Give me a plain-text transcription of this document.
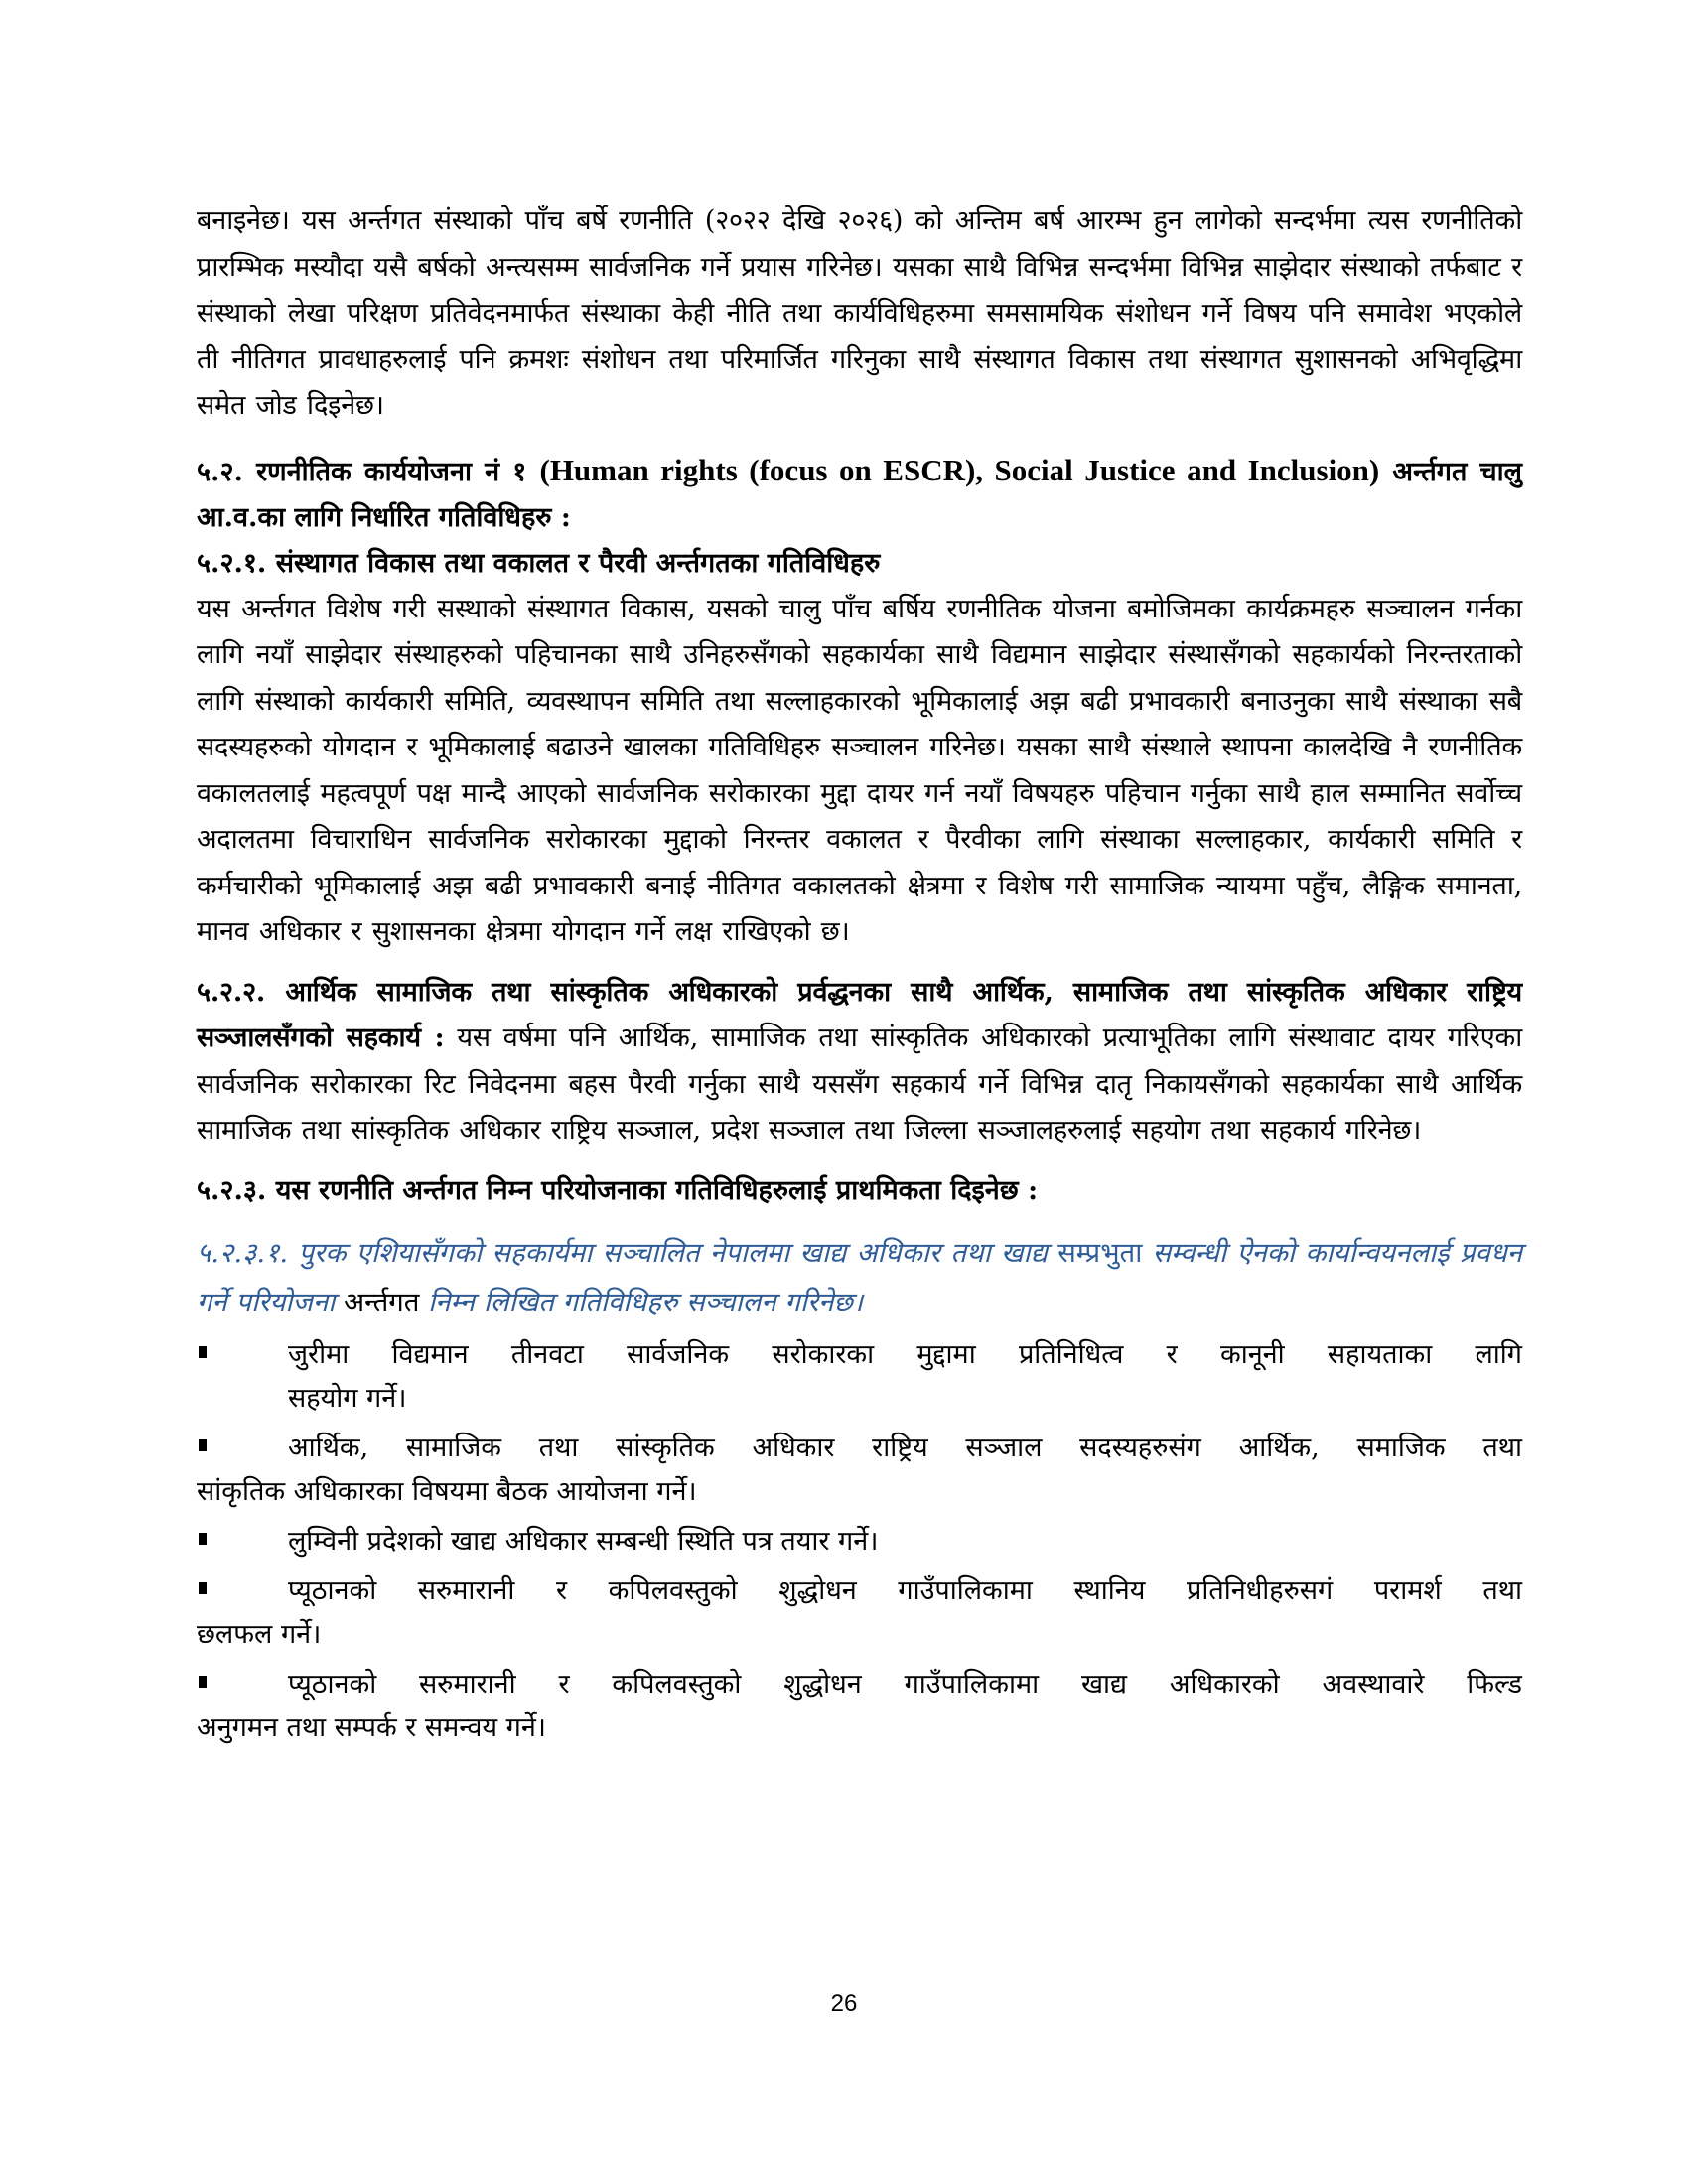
बनाइनेछ। यस अर्न्तगत संस्थाको पाँच बर्षे रणनीति (२०२२ देखि २०२६) को अन्तिम बर्ष आरम्भ हुन लागेको सन्दर्भमा त्यस रणनीतिको प्रारम्भिक मस्यौदा यसै बर्षको अन्त्यसम्म सार्वजनिक गर्ने प्रयास गरिनेछ। यसका साथै विभिन्न सन्दर्भमा विभिन्न साझेदार संस्थाको तर्फबाट र संस्थाको लेखा परिक्षण प्रतिवेदनमार्फत संस्थाका केही नीति तथा कार्यविधिहरुमा समसामयिक संशोधन गर्ने विषय पनि समावेश भएकोले ती नीतिगत प्रावधाहरुलाई पनि क्रमशः संशोधन तथा परिमार्जित गरिनुका साथै संस्थागत विकास तथा संस्थागत सुशासनको अभिवृद्धिमा समेत जोड दिइनेछ।

५.२. रणनीतिक कार्ययोजना नं १ (Human rights (focus on ESCR), Social Justice and Inclusion) अर्न्तगत चालु आ.व.का लागि निर्धारित गतिविधिहरु :

५.२.१. संस्थागत विकास तथा वकालत र पैरवी अर्न्तगतका गतिविधिहरु

यस अर्न्तगत विशेष गरी सस्थाको संस्थागत विकास, यसको चालु पाँच बर्षिय रणनीतिक योजना बमोजिमका कार्यक्रमहरु सञ्चालन गर्नका लागि नयाँ साझेदार संस्थाहरुको पहिचानका साथै उनिहरुसँगको सहकार्यका साथै विद्यमान साझेदार संस्थासँगको सहकार्यको निरन्तरताको लागि संस्थाको कार्यकारी समिति, व्यवस्थापन समिति तथा सल्लाहकारको भूमिकालाई अझ बढी प्रभावकारी बनाउनुका साथै संस्थाका सबै सदस्यहरुको योगदान र भूमिकालाई बढाउने खालका गतिविधिहरु सञ्चालन गरिनेछ। यसका साथै संस्थाले स्थापना कालदेखि नै रणनीतिक वकालतलाई महत्वपूर्ण पक्ष मान्दै आएको सार्वजनिक सरोकारका मुद्दा दायर गर्न नयाँ विषयहरु पहिचान गर्नुका साथै हाल सम्मानित सर्वोच्च अदालतमा विचाराधिन सार्वजनिक सरोकारका मुद्दाको निरन्तर वकालत र पैरवीका लागि संस्थाका सल्लाहकार, कार्यकारी समिति र कर्मचारीको भूमिकालाई अझ बढी प्रभावकारी बनाई नीतिगत वकालतको क्षेत्रमा र विशेष गरी सामाजिक न्यायमा पहुँच, लैङ्गिक समानता, मानव अधिकार र सुशासनका क्षेत्रमा योगदान गर्ने लक्ष राखिएको छ।

५.२.२. आर्थिक सामाजिक तथा सांस्कृतिक अधिकारको प्रर्वद्धनका साथै आर्थिक, सामाजिक तथा सांस्कृतिक अधिकार राष्ट्रिय सञ्जालसँगको सहकार्य : यस वर्षमा पनि आर्थिक, सामाजिक तथा सांस्कृतिक अधिकारको प्रत्याभूतिका लागि संस्थावाट दायर गरिएका सार्वजनिक सरोकारका रिट निवेदनमा बहस पैरवी गर्नुका साथै यससँग सहकार्य गर्ने विभिन्न दातृ निकायसँगको सहकार्यका साथै आर्थिक सामाजिक तथा सांस्कृतिक अधिकार राष्ट्रिय सञ्जाल, प्रदेश सञ्जाल तथा जिल्ला सञ्जालहरुलाई सहयोग तथा सहकार्य गरिनेछ।

५.२.३. यस रणनीति अर्न्तगत निम्न परियोजनाका गतिविधिहरुलाई प्राथमिकता दिइनेछ :

५.२.३.१. पुरक एशियासँगको सहकार्यमा सञ्चालित नेपालमा खाद्य अधिकार तथा खाद्य सम्प्रभुता सम्वन्धी ऐनको कार्यान्वयनलाई प्रवधन गर्ने परियोजना अर्न्तगत निम्न लिखित गतिविधिहरु सञ्चालन गरिनेछ।

जुरीमा विद्यमान तीनवटा सार्वजनिक सरोकारका मुद्दामा प्रतिनिधित्व र कानूनी सहायताका लागि
सहयोग गर्ने।
आर्थिक, सामाजिक तथा सांस्कृतिक अधिकार राष्ट्रिय सञ्जाल सदस्यहरुसंग आर्थिक, समाजिक तथा
सांकृतिक अधिकारका विषयमा बैठक आयोजना गर्ने।
लुम्विनी प्रदेशको खाद्य अधिकार सम्बन्धी स्थिति पत्र तयार गर्ने।
प्यूठानको सरुमारानी र कपिलवस्तुको शुद्धोधन गाउँपालिकामा स्थानिय प्रतिनिधीहरुसगं परामर्श तथा
छलफल गर्ने।
प्यूठानको सरुमारानी र कपिलवस्तुको शुद्धोधन गाउँपालिकामा खाद्य अधिकारको अवस्थावारे फिल्ड
अनुगमन तथा सम्पर्क र समन्वय गर्ने।
26
